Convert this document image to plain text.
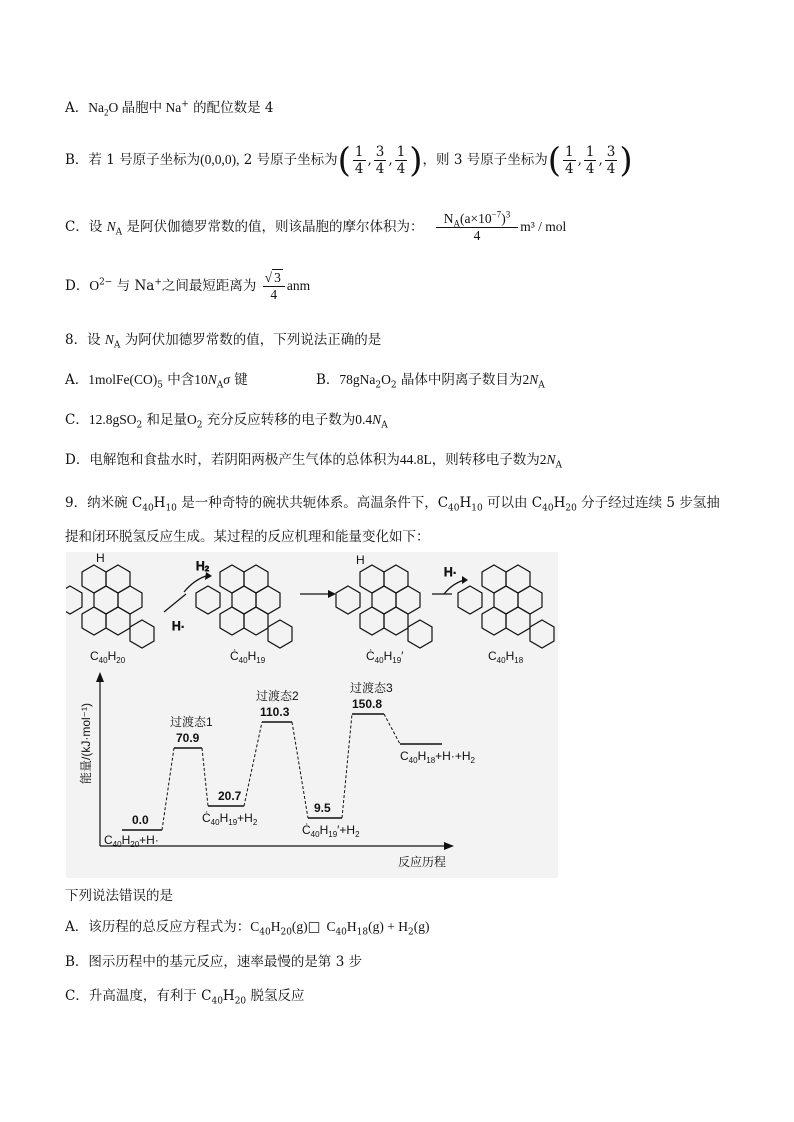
A．$Na_2O$ 晶胞中 Na+ 的配位数是 4
B．若 1 号原子坐标为(0,0,0), 2 号原子坐标为( $\frac{1}{4}$ , $\frac{3}{4}$ , $\frac{1}{4}$ )，则 3 号原子坐标为( $\frac{1}{4}$ , $\frac{1}{4}$ , $\frac{3}{4}$ )
C．设 $N_A$ 是阿伏伽德罗常数的值，则该晶胞的摩尔体积为： $\frac{N_A(a\times 10^{-7})^3}{4} m^3$ / mol
D．$O^{2-}$ 与 Na+之间最短距离为 $\frac{√ 3}{4}$ anm
8．设 $N_A$ 为阿伏加德罗常数的值，下列说法正确的是
A．$1molFe(CO)_5$ 中含$10N_A\sigma$ 键	B．$78gNa_2O_2$ 晶体中阴离子数目为$2N_A$
C．12.8gSO$_2$ 和足量$O_2$ 充分反应转移的电子数为$0.4N_A$
D．电解饱和食盐水时，若阴阳两极产生气体的总体积为44.8L，则转移电子数为$2N_A$
9．纳米碗 $C_{40}H_{10}$ 是一种奇特的碗状共轭体系。高温条件下，$C_{40}H_{10}$ 可以由 $C_{40}H_{20}$ 分子经过连续 5 步氢抽
提和闭环脱氢反应生成。某过程的反应机理和能量变化如下：
H	H
$C_{40}H_{20}$	$Ċ_{40}H_{19}$	$Ċ_{40}H_{19}'$	$C_{40}H_{18}$
H₂
H·
H·
能量/(kJ·mol⁻¹)
反应历程
0.0
70.9
20.7
110.3
9.5
150.8
过渡态1
过渡态2
过渡态3
$C_{40}H_{20}+H\cdot$
$Ċ_{40}H_{19}+H_2$
$Ċ_{40}H_{19}'+H_2$
$C_{40}H_{18}+H\cdot+H_2$
下列说法错误的是
A．该历程的总反应方程式为：$C_{40}H_{20}(g)□$ $C_{40}H_{18}(g) + H_2(g)$
B．图示历程中的基元反应，速率最慢的是第 3 步
C．升高温度，有利于 $C_{40}H_{20}$ 脱氢反应
